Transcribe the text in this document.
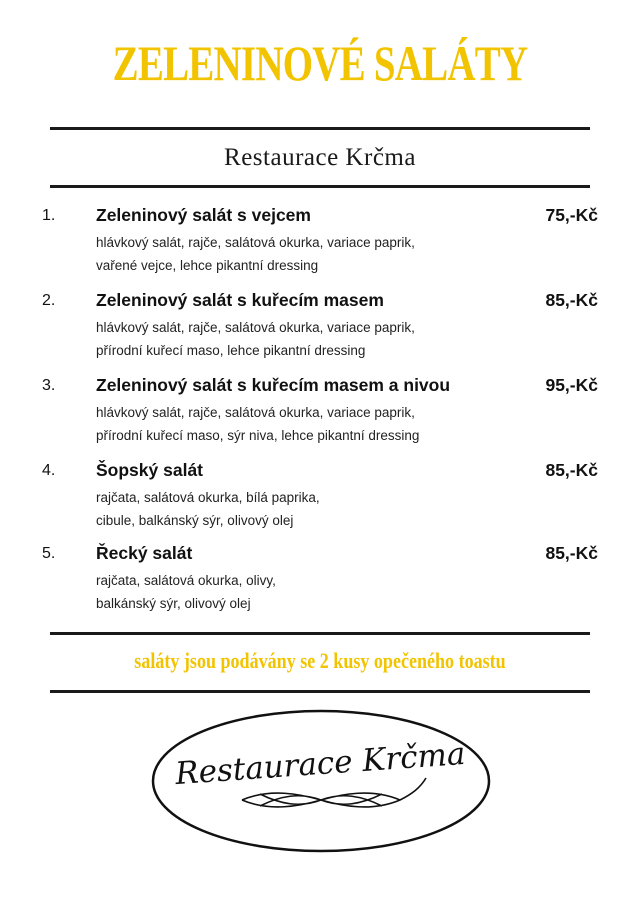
ZELENINOVÉ SALÁTY
Restaurace Krčma
1. Zeleninový salát s vejcem	75,-Kč
hlávkový salát, rajče, salátová okurka, variace paprik,
vařené vejce, lehce pikantní dressing
2. Zeleninový salát s kuřecím masem	85,-Kč
hlávkový salát, rajče, salátová okurka, variace paprik,
přírodní kuřecí maso, lehce pikantní dressing
3. Zeleninový salát s kuřecím masem a nivou	95,-Kč
hlávkový salát, rajče, salátová okurka, variace paprik,
přírodní kuřecí maso, sýr niva, lehce pikantní dressing
4. Šopský salát	85,-Kč
rajčata, salátová okurka, bílá paprika,
cibule, balkánský sýr, olivový olej
5. Řecký salát	85,-Kč
rajčata, salátová okurka, olivy,
balkánský sýr, olivový olej
saláty jsou podávány se 2 kusy opečeného toastu
Restaurace Krčma
